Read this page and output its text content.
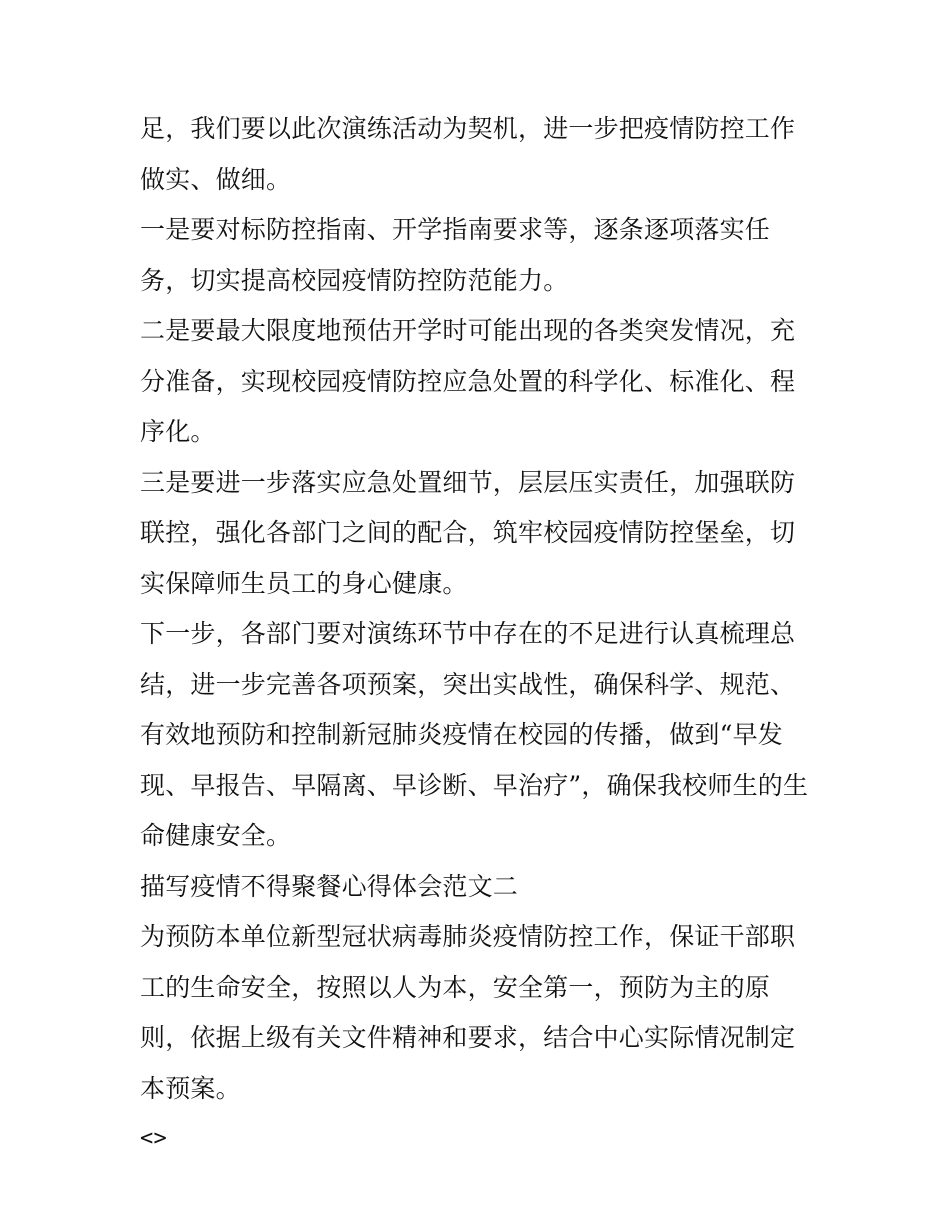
足，我们要以此次演练活动为契机，进一步把疫情防控工作做实、做细。

一是要对标防控指南、开学指南要求等，逐条逐项落实任务，切实提高校园疫情防控防范能力。

二是要最大限度地预估开学时可能出现的各类突发情况，充分准备，实现校园疫情防控应急处置的科学化、标准化、程序化。

三是要进一步落实应急处置细节，层层压实责任，加强联防联控，强化各部门之间的配合，筑牢校园疫情防控堡垒，切实保障师生员工的身心健康。

下一步，各部门要对演练环节中存在的不足进行认真梳理总结，进一步完善各项预案，突出实战性，确保科学、规范、有效地预防和控制新冠肺炎疫情在校园的传播，做到“早发现、早报告、早隔离、早诊断、早治疗”，确保我校师生的生命健康安全。

描写疫情不得聚餐心得体会范文二

为预防本单位新型冠状病毒肺炎疫情防控工作，保证干部职工的生命安全，按照以人为本，安全第一，预防为主的原则，依据上级有关文件精神和要求，结合中心实际情况制定本预案。

<>
